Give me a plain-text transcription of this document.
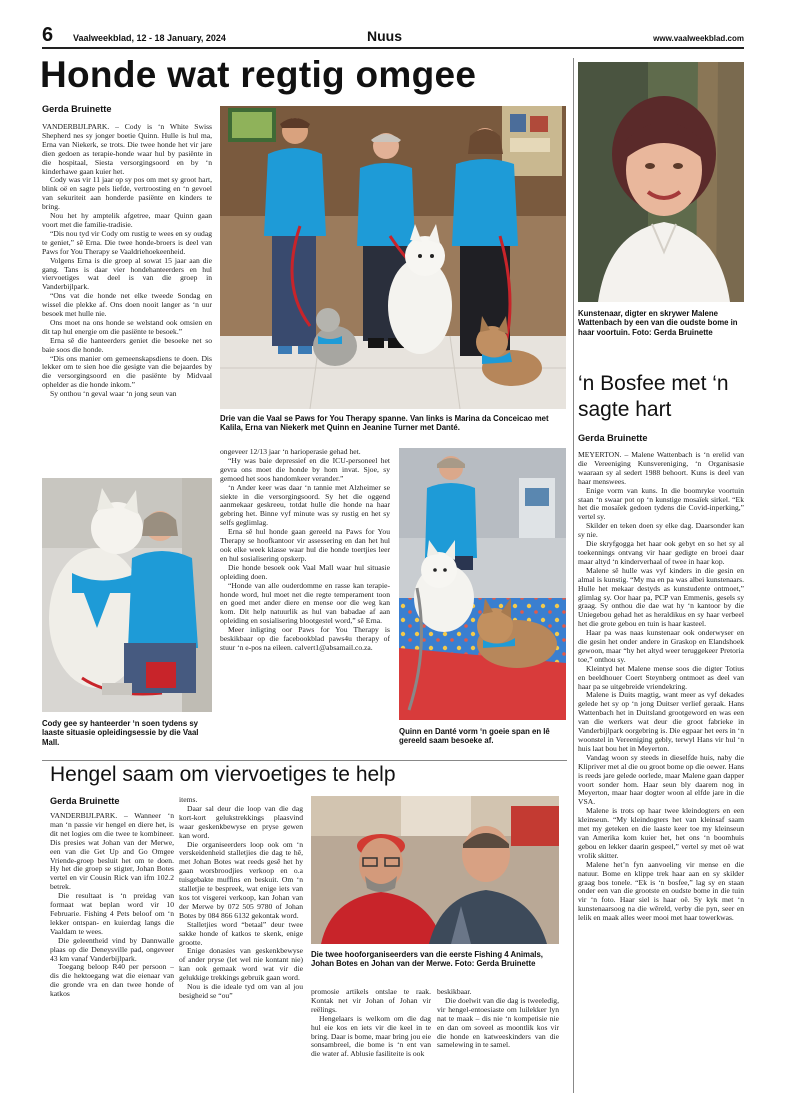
6 Vaalweekblad, 12 - 18 January, 2024	Nuus	www.vaalweekblad.com
Honde wat regtig omgee
Gerda Bruinette

VANDERBIJLPARK. – Cody is ‘n White Swiss Shepherd nes sy jonger boetie Quinn. Hulle is hul ma, Erna van Niekerk, se trots. Die twee honde het vir jare dien gedoen as terapie-honde waar hul by pasiënte in die hospitaal, Siesta versorgingsoord en by ‘n kinderhawe gaan kuier het.

Cody was vir 11 jaar op sy pos om met sy groot hart, blink oë en sagte pels liefde, vertroosting en ‘n gevoel van sekuriteit aan honderde pasiënte en kinders te bring.

Nou het hy amptelik afgetree, maar Quinn gaan voort met die familie-tradisie.

“Dis nou tyd vir Cody om rustig te wees en sy oudag te geniet,” sê Erna. Die twee honde-broers is deel van Paws for You Therapy se Vaaldriehoekeenheid.

Volgens Erna is die groep al sowat 15 jaar aan die gang. Tans is daar vier hondehanteerders en hul viervoetiges wat deel is van die groep in Vanderbijlpark.

“Ons vat die honde net elke tweede Sondag en wissel die plekke af. Ons doen nooit langer as ‘n uur besoek met hulle nie.

Ons moet na ons honde se welstand ook omsien en dit tap hul energie om die pasiënte te besoek.”

Erna sê die hanteerders geniet die besoeke net so baie soos die honde.

“Dis ons manier om gemeenskapsdiens te doen. Dis lekker om te sien hoe die gesigte van die bejaardes by die versorgingsoord en die pasiënte by Midvaal ophelder as die honde inkom.”

Sy onthou ‘n geval waar ‘n jong seun van

Drie van die Vaal se Paws for You Therapy spanne. Van links is Marina da Conceicao met Kalila, Erna van Niekerk met Quinn en Jeanine Turner met Danté.
Cody gee sy hanteerder ‘n soen tydens sy laaste situasie opleidingsessie by die Vaal Mall.

ongeveer 12/13 jaar ‘n harioperasie gehad het.

“Hy was baie depressief en die ICU-personeel het gevra ons moet die honde by hom invat. Sjoe, sy gemoed het soos handomkeer verander.”

‘n Ander keer was daar ‘n tannie met Alzheimer se siekte in die versorgingsoord. Sy het die oggend aanmekaar geskreeu, totdat hulle die honde na haar gebring het. Binne vyf minute was sy rustig en het sy selfs geglimlag.

Erna sê hul honde gaan gereeld na Paws for You Therapy se hoofkantoor vir assessering en dan het hul ook elke week klasse waar hul die honde toertjies leer en hul sosialisering opskerp.

Die honde besoek ook Vaal Mall waar hul situasie opleiding doen.

“Honde van alle ouderdomme en rasse kan terapie-honde word, hul moet net die regte temperament toon en goed met ander diere en mense oor die weg kan kom. Dit help natuurlik as hul van babadae af aan opleiding en sosialisering blootgestel word,” sê Erna.

Meer inligting oor Paws for You Therapy is beskikbaar op die facebookblad paws4u therapy of stuur ‘n e-pos na eileen. calvert1@absamail.co.za.

Quinn en Danté vorm ‘n goeie span en lê gereeld saam besoeke af.
Kunstenaar, digter en skrywer Malene Wattenbach by een van die oudste bome in haar voortuin. Foto: Gerda Bruinette
‘n Bosfee met ‘n sagte hart
Gerda Bruinette

MEYERTON. – Malene Wattenbach is ‘n erelid van die Vereeniging Kunsvereniging, ‘n Organisasie waaraan sy al sedert 1988 behoort. Kuns is deel van haar menswees.

Enige vorm van kuns. In die boomryke voortuin staan ‘n swaar pot op ‘n kunstige mosaïek sirkel. “Ek het die mosaïek gedoen tydens die Covid-inperking,” vertel sy.

Skilder en teken doen sy elke dag. Daarsonder kan sy nie.

Die skryfgogga het haar ook gebyt en so het sy al toekennings ontvang vir haar gedigte en broei daar maar altyd ‘n kinderverhaal of twee in haar kop.

Malene sê hulle was vyf kinders in die gesin en almal is kunstig. “My ma en pa was albei kunstenaars. Hulle het mekaar destyds as kunstudente ontmoet,” glimlag sy. Oor haar pa, PCP van Emmenis, gesels sy graag. Sy onthou die dae wat hy ‘n kantoor by die Uniegebou gehad het as heraldikus en sy haar verbeel het die grote gebou en tuin is haar kasteel.

Haar pa was naas kunstenaar ook onderwyser en die gesin het onder andere in Graskop en Elandshoek gewoon, maar “hy het altyd weer teruggekeer Pretoria toe,” onthou sy.

Kleintyd het Malene mense soos die digter Totius en beeldhouer Coert Steynberg ontmoet as deel van haar pa se uitgebreide vriendekring.

Malene is Duits magtig, want meer as vyf dekades gelede het sy op ‘n jong Duitser verlief geraak. Hans Wattenbach het in Duitsland grootgeword en was een van die werkers wat deur die groot fabrieke in Vanderbijlpark oorgebring is. Die egpaar het eers in ‘n woonstel in Vereeniging gebly, terwyl Hans vir hul ‘n huis laat bou het in Meyerton.

Vandag woon sy steeds in dieselfde huis, naby die Klipriver met al die ou groot bome op die oewer. Hans is reeds jare gelede oorlede, maar Malene gaan dapper voort sonder hom. Haar seun bly daarem nog in Meyerton, maar haar dogter woon al elfde jare in die VSA.

Malene is trots op haar twee kleindogters en een kleinseun. “My kleindogters het van kleinsaf saam met my geteken en die laaste keer toe my kleinseun van Amerika kom kuier het, het ons ‘n boomhuis gebou en lekker daarin gespeel,” vertel sy met oë wat vrolik skitter.

Malene het’n fyn aanvoeling vir mense en die natuur. Bome en klippe trek haar aan en sy skilder graag bos tonele. “Ek is ‘n bosfee,” lag sy en staan onder een van die grootste en oudste bome in die tuin vir ‘n foto. Haar siel is haar oë. Sy kyk met ‘n kunstenaarsoog na die wêreld, verby die pyn, seer en lelik en maak alles weer mooi met haar towerkwas.

Hengel saam om viervoetiges te help
Gerda Bruinette

VANDERBIJLPARK. – Wanneer ‘n man ‘n passie vir hengel en diere het, is dit net logies om die twee te kombineer. Dis presies wat Johan van der Merwe, een van die Get Up and Go Omgee Vriende-groep besluit het om te doen. Hy het die groep se stigter, Johan Botes vertel en vir Cousin Rick van ifm 102.2 betrek.

Die resultaat is ‘n preidag van formaat wat beplan word vir 10 Februarie. Fishing 4 Pets beloof om ‘n lekker ontspan- en kuierdag langs die Vaaldam te wees.

Die geleentheid vind by Dannwalle plaas op die Deneysville pad, ongeveer 43 km vanaf Vanderbijlpark.

Toegang beloop R40 per persoon – dis die hektoegang wat die eienaar van die gronde vra en dan twee honde of katkos

items.

Daar sal deur die loop van die dag kort-kort gelukstrekkings plaasvind waar geskenkbewyse en pryse gewen kan word.

Die organiseerders loop ook om ‘n verskeidenheid stalletjies die dag te hê, met Johan Botes wat reeds gesê het hy gaan worsbroodjies verkoop en o.a tuisgebakte muffins en beskuit. Om ‘n stalletjie te bespreek, wat enige iets van kos tot visgerei verkoop, kan Johan van der Merwe by 072 505 9780 of Johan Botes by 084 866 6132 gekontak word.

Stalletjies word “betaal” deur twee sakke honde of katkos te skenk, enige grootte.

Enige donasies van geskenkbewyse of ander pryse (let wel nie kontant nie) kan ook gemaak word wat vir die gelukkige trekkings gebruik gaan word.

Nou is die ideale tyd om van al jou besigheid se “ou”

Die twee hooforganiseerders van die eerste Fishing 4 Animals, Johan Botes en Johan van der Merwe. Foto: Gerda Bruinette

promosie artikels ontslae te raak. Kontak net vir Johan of Johan vir reëlings.

Hengelaars is welkom om die dag hul eie kos en iets vir die keel in te bring. Daar is bome, maar bring jou eie sonsambreel, die bome is ‘n ent van die water af. Ablusie fasiliteite is ook

beskikbaar.

Die doelwit van die dag is tweeledig, vir hengel-entoesiaste om luilekker lyn nat te maak – dis nie ‘n kompetisie nie en dan om soveel as moontlik kos vir die honde en katweeskinders van die samelewing in te samel.
